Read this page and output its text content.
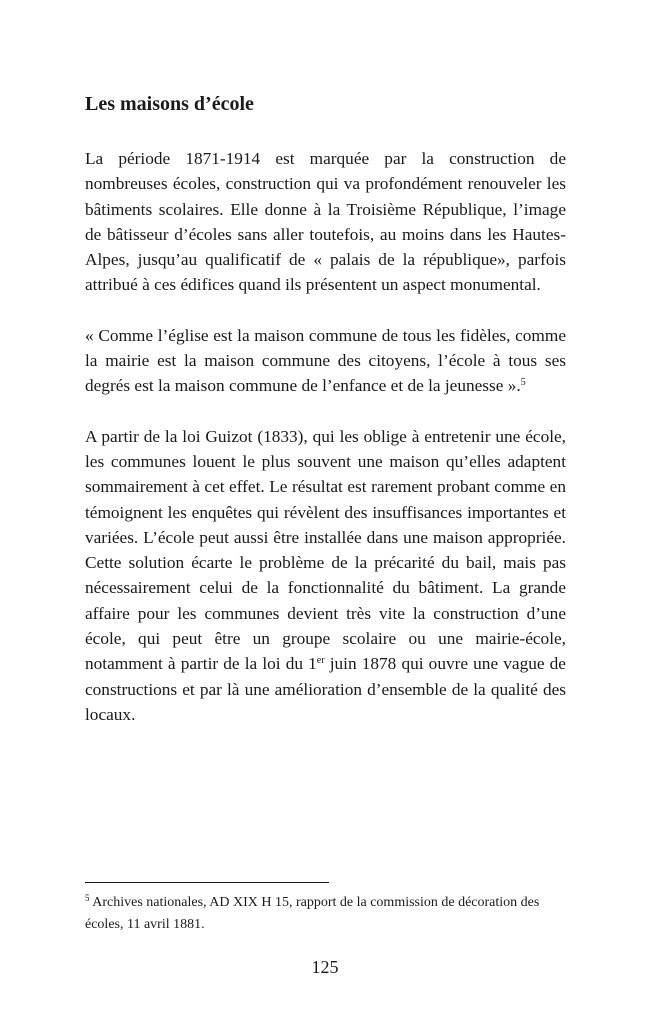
Les maisons d’école

La période 1871-1914 est marquée par la construction de nombreuses écoles, construction qui va profondément renouveler les bâtiments scolaires. Elle donne à la Troisième République, l’image de bâtisseur d’écoles sans aller toutefois, au moins dans les Hautes-Alpes, jusqu’au qualificatif de « palais de la république», parfois attribué à ces édifices quand ils présentent un aspect monumental.

« Comme l’église est la maison commune de tous les fidèles, comme la mairie est la maison commune des citoyens, l’école à tous ses degrés est la maison commune de l’enfance et de la jeunesse ».$^5$

A partir de la loi Guizot (1833), qui les oblige à entretenir une école, les communes louent le plus souvent une maison qu’elles adaptent sommairement à cet effet. Le résultat est rarement probant comme en témoignent les enquêtes qui révèlent des insuffisances importantes et variées. L’école peut aussi être installée dans une maison appropriée. Cette solution écarte le problème de la précarité du bail, mais pas nécessairement celui de la fonctionnalité du bâtiment. La grande affaire pour les communes devient très vite la construction d’une école, qui peut être un groupe scolaire ou une mairie-école, notamment à partir de la loi du 1er juin 1878 qui ouvre une vague de constructions et par là une amélioration d’ensemble de la qualité des locaux.

$^5$ Archives nationales, AD XIX H 15, rapport de la commission de décoration des écoles, 11 avril 1881.

125
